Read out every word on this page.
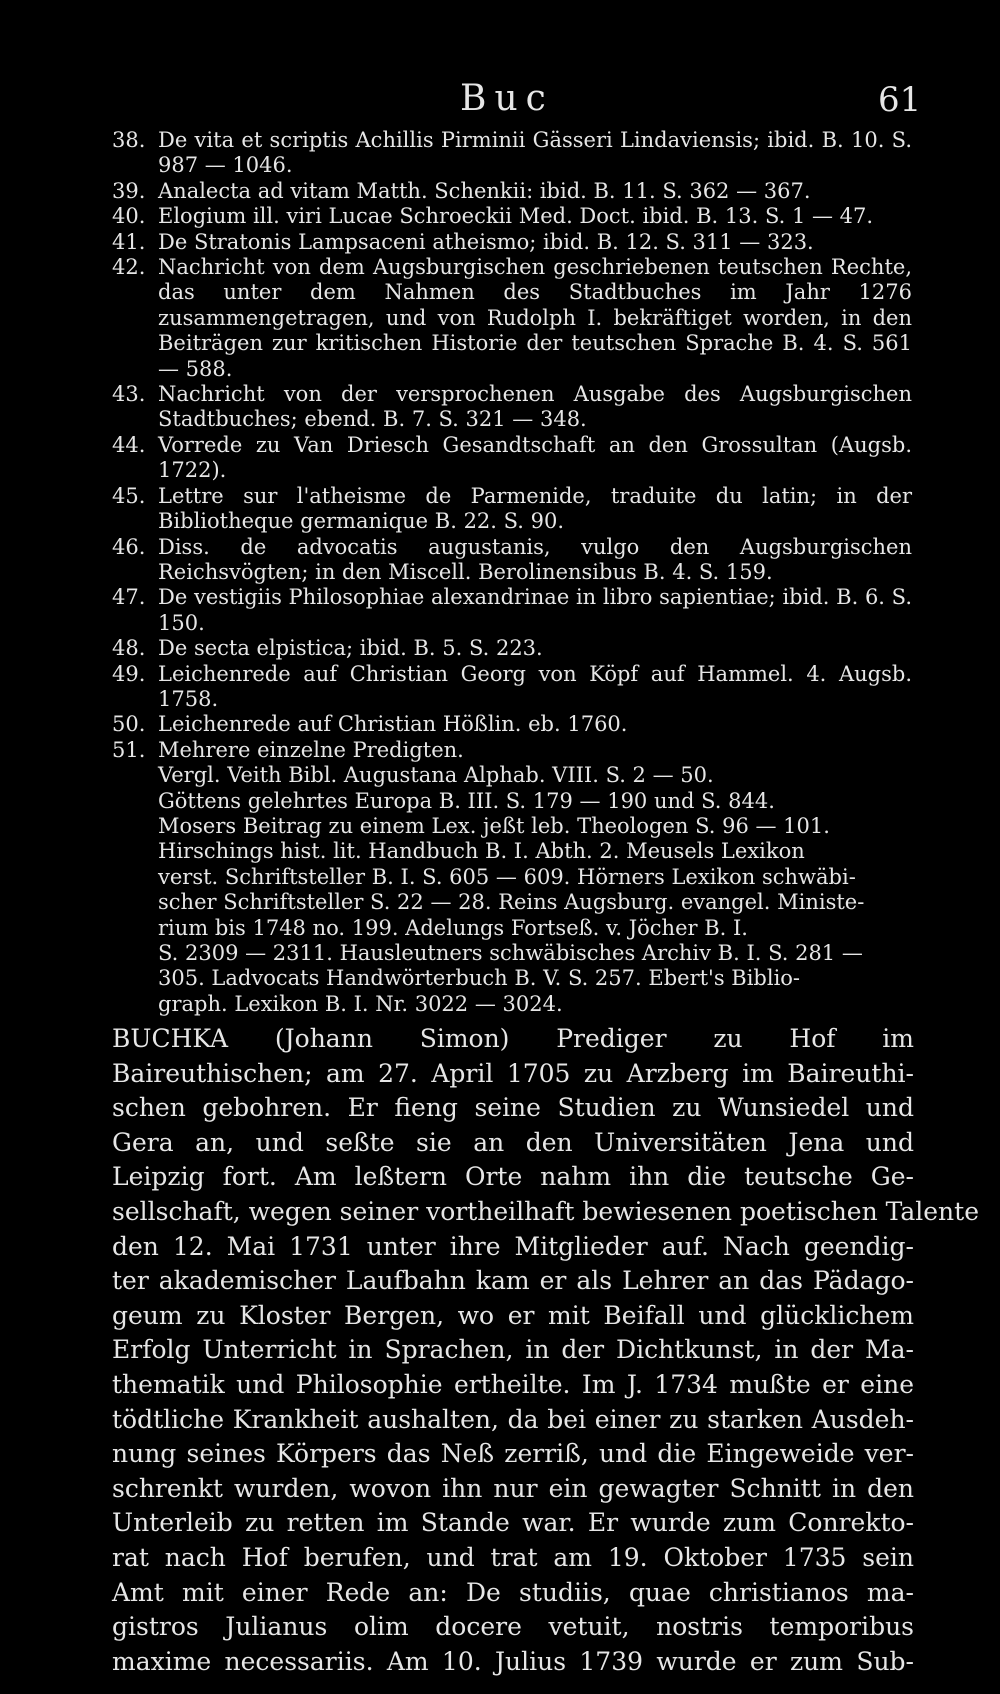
Buc	61
38. De vita et scriptis Achillis Pirminii Gässeri Lindaviensis; ibid. B. 10. S. 987 — 1046.
39. Analecta ad vitam Matth. Schenkii: ibid. B. 11. S. 362 — 367.
40. Elogium ill. viri Lucae Schroeckii Med. Doct. ibid. B. 13. S. 1 — 47.
41. De Stratonis Lampsaceni atheismo; ibid. B. 12. S. 311 — 323.
42. Nachricht von dem Augsburgischen geschriebenen teutschen Rechte, das unter dem Nahmen des Stadtbuches im Jahr 1276 zusammengetragen, und von Rudolph I. bekräftiget worden, in den Beiträgen zur kritischen Historie der teutschen Sprache B. 4. S. 561 — 588.
43. Nachricht von der versprochenen Ausgabe des Augsburgischen Stadtbuches; ebend. B. 7. S. 321 — 348.
44. Vorrede zu Van Driesch Gesandtschaft an den Grossultan (Augsb. 1722).
45. Lettre sur l'atheisme de Parmenide, traduite du latin; in der Bibliotheque germanique B. 22. S. 90.
46. Diss. de advocatis augustanis, vulgo den Augsburgischen Reichsvögten; in den Miscell. Berolinensibus B. 4. S. 159.
47. De vestigiis Philosophiae alexandrinae in libro sapientiae; ibid. B. 6. S. 150.
48. De secta elpistica; ibid. B. 5. S. 223.
49. Leichenrede auf Christian Georg von Köpf auf Hammel. 4. Augsb. 1758.
50. Leichenrede auf Christian Hößlin. eb. 1760.
51. Mehrere einzelne Predigten.
Vergl. Veith Bibl. Augustana Alphab. VIII. S. 2 — 50.
Göttens gelehrtes Europa B. III. S. 179 — 190 und S. 844.
Mosers Beitrag zu einem Lex. jeßt leb. Theologen S. 96 — 101.
Hirschings hist. lit. Handbuch B. I. Abth. 2. Meusels Lexikon
verst. Schriftsteller B. I. S. 605 — 609. Hörners Lexikon schwäbi-
scher Schriftsteller S. 22 — 28. Reins Augsburg. evangel. Ministe-
rium bis 1748 no. 199. Adelungs Fortseß. v. Jöcher B. I.
S. 2309 — 2311. Hausleutners schwäbisches Archiv B. I. S. 281 —
305. Ladvocats Handwörterbuch B. V. S. 257. Ebert's Biblio-
graph. Lexikon B. I. Nr. 3022 — 3024.
BUCHKA (Johann Simon) Prediger zu Hof im
Baireuthischen; am 27. April 1705 zu Arzberg im Baireuthi-
schen gebohren. Er fieng seine Studien zu Wunsiedel und
Gera an, und seßte sie an den Universitäten Jena und
Leipzig fort. Am leßtern Orte nahm ihn die teutsche Ge-
sellschaft, wegen seiner vortheilhaft bewiesenen poetischen Talente
den 12. Mai 1731 unter ihre Mitglieder auf. Nach geendig-
ter akademischer Laufbahn kam er als Lehrer an das Pädago-
geum zu Kloster Bergen, wo er mit Beifall und glücklichem
Erfolg Unterricht in Sprachen, in der Dichtkunst, in der Ma-
thematik und Philosophie ertheilte. Im J. 1734 mußte er eine
tödtliche Krankheit aushalten, da bei einer zu starken Ausdeh-
nung seines Körpers das Neß zerriß, und die Eingeweide ver-
schrenkt wurden, wovon ihn nur ein gewagter Schnitt in den
Unterleib zu retten im Stande war. Er wurde zum Conrekto-
rat nach Hof berufen, und trat am 19. Oktober 1735 sein
Amt mit einer Rede an: De studiis, quae christianos ma-
gistros Julianus olim docere vetuit, nostris temporibus
maxime necessariis. Am 10. Julius 1739 wurde er zum Sub-
